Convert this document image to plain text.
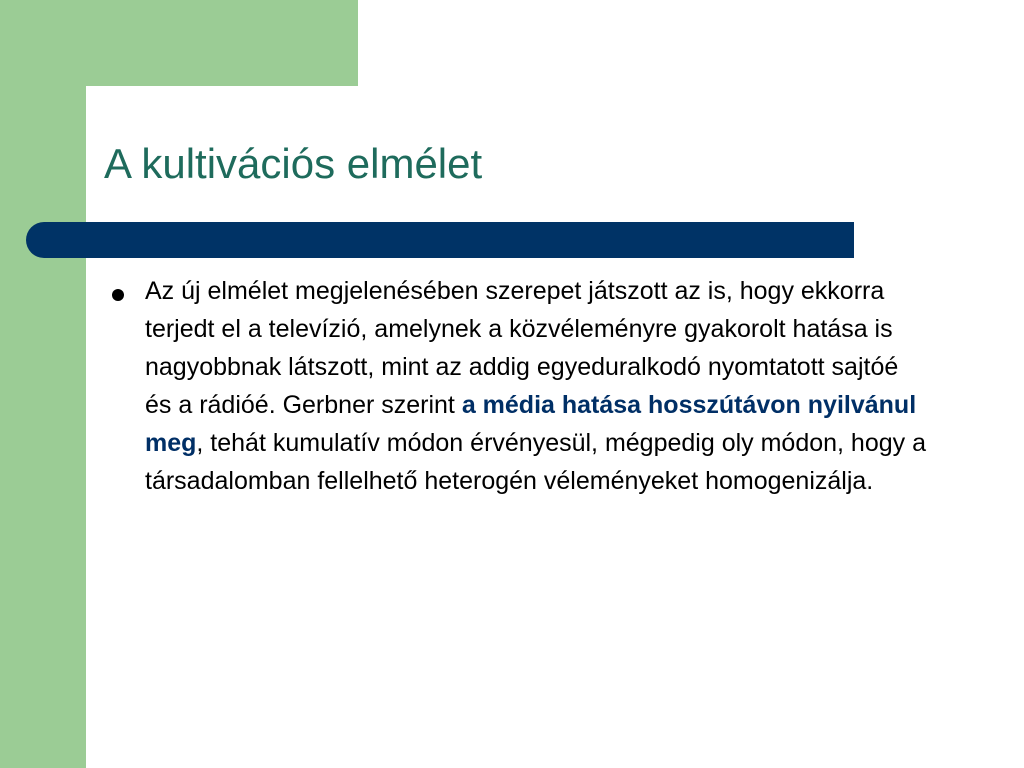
A kultivációs elmélet
Az új elmélet megjelenésében szerepet játszott az is, hogy ekkorra terjedt el a televízió, amelynek a közvéleményre gyakorolt hatása is nagyobbnak látszott, mint az addig egyeduralkodó nyomtatott sajtóé és a rádióé. Gerbner szerint a média hatása hosszútávon nyilvánul meg, tehát kumulatív módon érvényesül, mégpedig oly módon, hogy a társadalomban fellelhető heterogén véleményeket homogenizálja.
